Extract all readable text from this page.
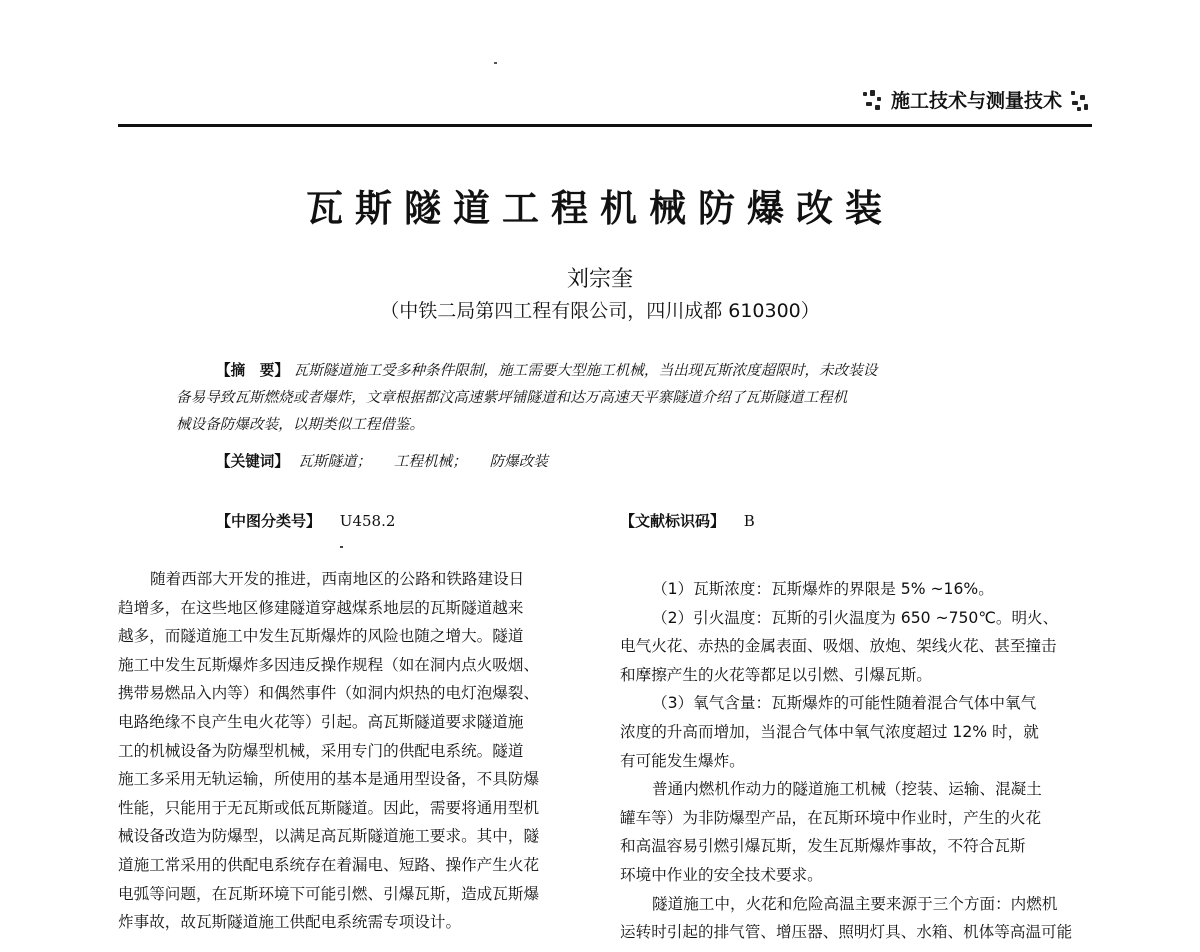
施工技术与测量技术
瓦斯隧道工程机械防爆改装
刘宗奎
（中铁二局第四工程有限公司，四川成都 610300）

【摘　要】 瓦斯隧道施工受多种条件限制，施工需要大型施工机械，当出现瓦斯浓度超限时，未改装设
备易导致瓦斯燃烧或者爆炸，文章根据都汶高速紫坪铺隧道和达万高速天平寨隧道介绍了瓦斯隧道工程机
械设备防爆改装，以期类似工程借鉴。

【关键词】 瓦斯隧道； 工程机械； 防爆改装
【中图分类号】 U458.2	【文献标识码】 B
随着西部大开发的推进，西南地区的公路和铁路建设日
趋增多，在这些地区修建隧道穿越煤系地层的瓦斯隧道越来
越多，而隧道施工中发生瓦斯爆炸的风险也随之增大。隧道
施工中发生瓦斯爆炸多因违反操作规程（如在洞内点火吸烟、
携带易燃品入内等）和偶然事件（如洞内炽热的电灯泡爆裂、
电路绝缘不良产生电火花等）引起。高瓦斯隧道要求隧道施
工的机械设备为防爆型机械，采用专门的供配电系统。隧道
施工多采用无轨运输，所使用的基本是通用型设备，不具防爆
性能，只能用于无瓦斯或低瓦斯隧道。因此，需要将通用型机
械设备改造为防爆型，以满足高瓦斯隧道施工要求。其中，隧
道施工常采用的供配电系统存在着漏电、短路、操作产生火花
电弧等问题，在瓦斯环境下可能引燃、引爆瓦斯，造成瓦斯爆
炸事故，故瓦斯隧道施工供配电系统需专项设计。
（1）瓦斯浓度：瓦斯爆炸的界限是 5% ~16%。
（2）引火温度：瓦斯的引火温度为 650 ~750℃。明火、
电气火花、赤热的金属表面、吸烟、放炮、架线火花、甚至撞击
和摩擦产生的火花等都足以引燃、引爆瓦斯。
（3）氧气含量：瓦斯爆炸的可能性随着混合气体中氧气
浓度的升高而增加，当混合气体中氧气浓度超过 12% 时，就
有可能发生爆炸。
普通内燃机作动力的隧道施工机械（挖装、运输、混凝土
罐车等）为非防爆型产品，在瓦斯环境中作业时，产生的火花
和高温容易引燃引爆瓦斯，发生瓦斯爆炸事故，不符合瓦斯
环境中作业的安全技术要求。
隧道施工中，火花和危险高温主要来源于三个方面：内燃机
运转时引起的排气管、增压器、照明灯具、水箱、机体等高温可能
